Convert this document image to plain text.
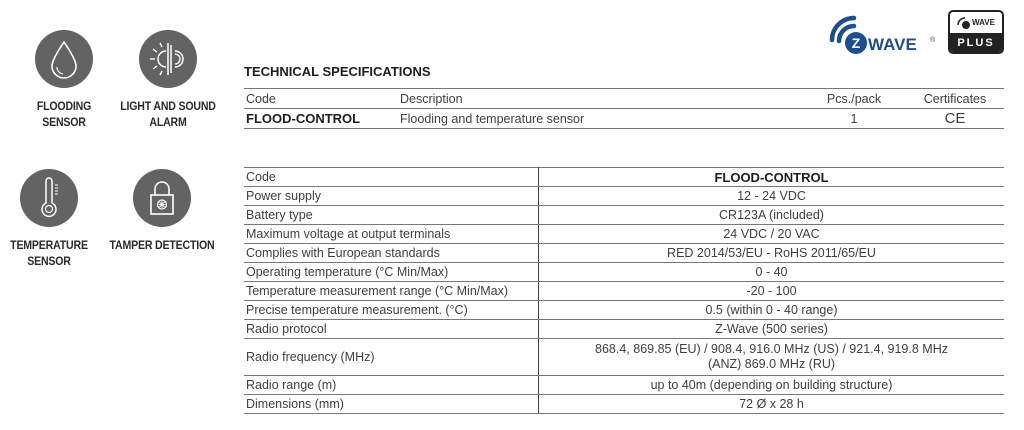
FLOODING
SENSOR
LIGHT AND SOUND
ALARM
TEMPERATURE
SENSOR
TAMPER DETECTION
Z WAVE ®
WAVE
PLUS
TECHNICAL SPECIFICATIONS
Code	Description	Pcs./pack	Certificates
FLOOD-CONTROL	Flooding and temperature sensor	1	CE
Code	FLOOD-CONTROL
Power supply	12 - 24 VDC
Battery type	CR123A (included)
Maximum voltage at output terminals	24 VDC / 20 VAC
Complies with European standards	RED 2014/53/EU - RoHS 2011/65/EU
Operating temperature (°C Min/Max)	0 - 40
Temperature measurement range (°C Min/Max)	-20 - 100
Precise temperature measurement. (°C)	0.5 (within 0 - 40 range)
Radio protocol	Z-Wave (500 series)
Radio frequency (MHz)	868.4, 869.85 (EU) / 908.4, 916.0 MHz (US) / 921.4, 919.8 MHz
(ANZ) 869.0 MHz (RU)
Radio range (m)	up to 40m (depending on building structure)
Dimensions (mm)	72 Ø x 28 h
